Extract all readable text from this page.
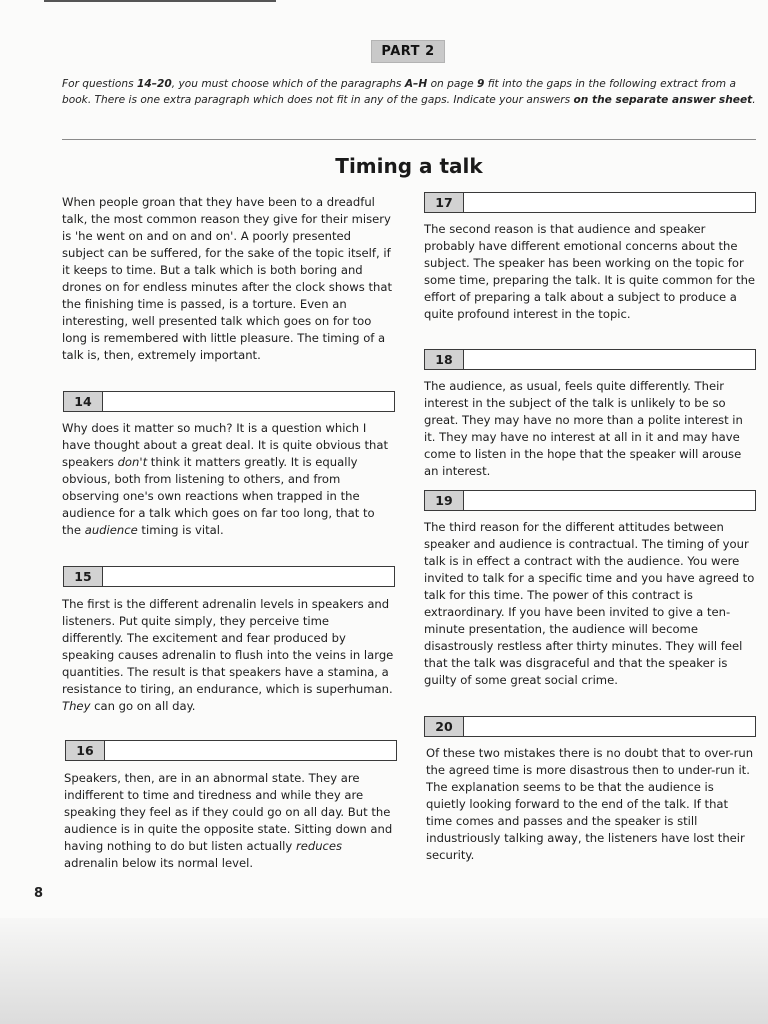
PART 2

For questions 14–20, you must choose which of the paragraphs A–H on page 9 fit into the gaps in the following extract from a book. There is one extra paragraph which does not fit in any of the gaps. Indicate your answers on the separate answer sheet.

Timing a talk

When people groan that they have been to a dreadful talk, the most common reason they give for their misery is 'he went on and on and on'. A poorly presented subject can be suffered, for the sake of the topic itself, if it keeps to time. But a talk which is both boring and drones on for endless minutes after the clock shows that the finishing time is passed, is a torture. Even an interesting, well presented talk which goes on for too long is remembered with little pleasure. The timing of a talk is, then, extremely important.

14

Why does it matter so much? It is a question which I have thought about a great deal. It is quite obvious that speakers don't think it matters greatly. It is equally obvious, both from listening to others, and from observing one's own reactions when trapped in the audience for a talk which goes on far too long, that to the audience timing is vital.

15

The first is the different adrenalin levels in speakers and listeners. Put quite simply, they perceive time differently. The excitement and fear produced by speaking causes adrenalin to flush into the veins in large quantities. The result is that speakers have a stamina, a resistance to tiring, an endurance, which is superhuman. They can go on all day.

16

Speakers, then, are in an abnormal state. They are indifferent to time and tiredness and while they are speaking they feel as if they could go on all day. But the audience is in quite the opposite state. Sitting down and having nothing to do but listen actually reduces adrenalin below its normal level.

17

The second reason is that audience and speaker probably have different emotional concerns about the subject. The speaker has been working on the topic for some time, preparing the talk. It is quite common for the effort of preparing a talk about a subject to produce a quite profound interest in the topic.

18

The audience, as usual, feels quite differently. Their interest in the subject of the talk is unlikely to be so great. They may have no more than a polite interest in it. They may have no interest at all in it and may have come to listen in the hope that the speaker will arouse an interest.

19

The third reason for the different attitudes between speaker and audience is contractual. The timing of your talk is in effect a contract with the audience. You were invited to talk for a specific time and you have agreed to talk for this time. The power of this contract is extraordinary. If you have been invited to give a ten-minute presentation, the audience will become disastrously restless after thirty minutes. They will feel that the talk was disgraceful and that the speaker is guilty of some great social crime.

20

Of these two mistakes there is no doubt that to over-run the agreed time is more disastrous then to under-run it. The explanation seems to be that the audience is quietly looking forward to the end of the talk. If that time comes and passes and the speaker is still industriously talking away, the listeners have lost their security.

8
